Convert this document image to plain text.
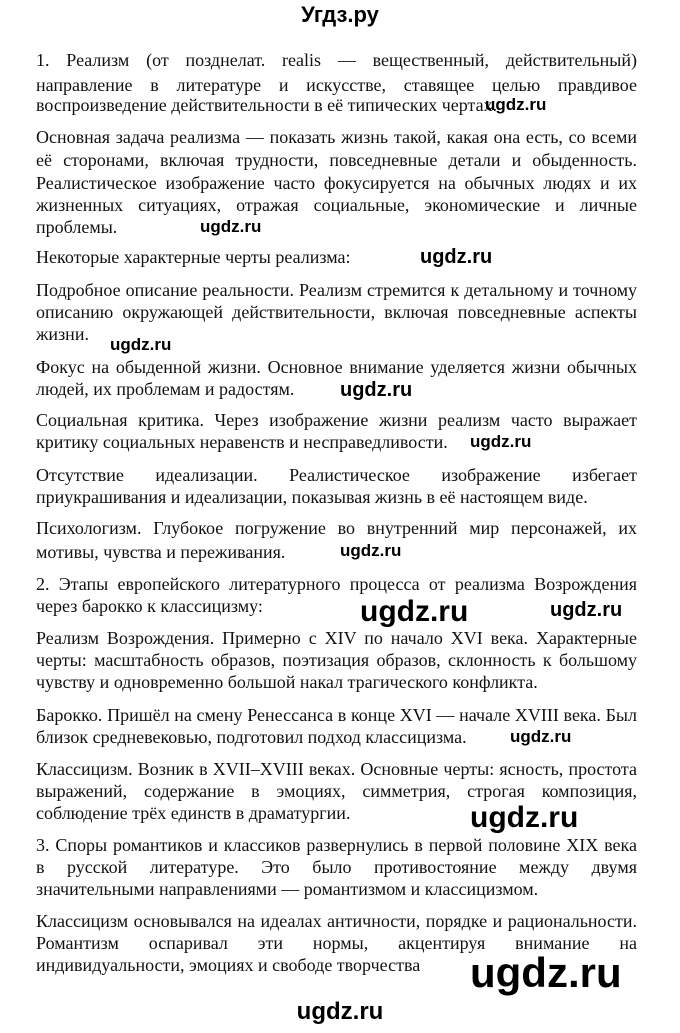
Угдз.ру
1. Реализм (от позднелат. realis — вещественный, действительный)
направление в литературе и искусстве, ставящее целью правдивое
воспроизведение действительности в её типических чертах.
Основная задача реализма — показать жизнь такой, какая она есть, со всеми
её сторонами, включая трудности, повседневные детали и обыденность.
Реалистическое изображение часто фокусируется на обычных людях и их
жизненных ситуациях, отражая социальные, экономические и личные
проблемы.
Некоторые характерные черты реализма:
Подробное описание реальности. Реализм стремится к детальному и точному
описанию окружающей действительности, включая повседневные аспекты
жизни.
Фокус на обыденной жизни. Основное внимание уделяется жизни обычных
людей, их проблемам и радостям.
Социальная критика. Через изображение жизни реализм часто выражает
критику социальных неравенств и несправедливости.
Отсутствие идеализации. Реалистическое изображение избегает
приукрашивания и идеализации, показывая жизнь в её настоящем виде.
Психологизм. Глубокое погружение во внутренний мир персонажей, их
мотивы, чувства и переживания.
2. Этапы европейского литературного процесса от реализма Возрождения
через барокко к классицизму:
Реализм Возрождения. Примерно с XIV по начало XVI века. Характерные
черты: масштабность образов, поэтизация образов, склонность к большому
чувству и одновременно большой накал трагического конфликта.
Барокко. Пришёл на смену Ренессанса в конце XVI — начале XVIII века. Был
близок средневековью, подготовил подход классицизма.
Классицизм. Возник в XVII–XVIII веках. Основные черты: ясность, простота
выражений, содержание в эмоциях, симметрия, строгая композиция,
соблюдение трёх единств в драматургии.
3. Споры романтиков и классиков развернулись в первой половине XIX века
в русской литературе. Это было противостояние между двумя
значительными направлениями — романтизмом и классицизмом.
Классицизм основывался на идеалах античности, порядке и рациональности.
Романтизм оспаривал эти нормы, акцентируя внимание на
индивидуальности, эмоциях и свободе творчества
ugdz.ru
ugdz.ru
ugdz.ru
ugdz.ru
ugdz.ru
ugdz.ru
ugdz.ru
ugdz.ru	ugdz.ru
ugdz.ru
ugdz.ru
ugdz.ru
ugdz.ru
